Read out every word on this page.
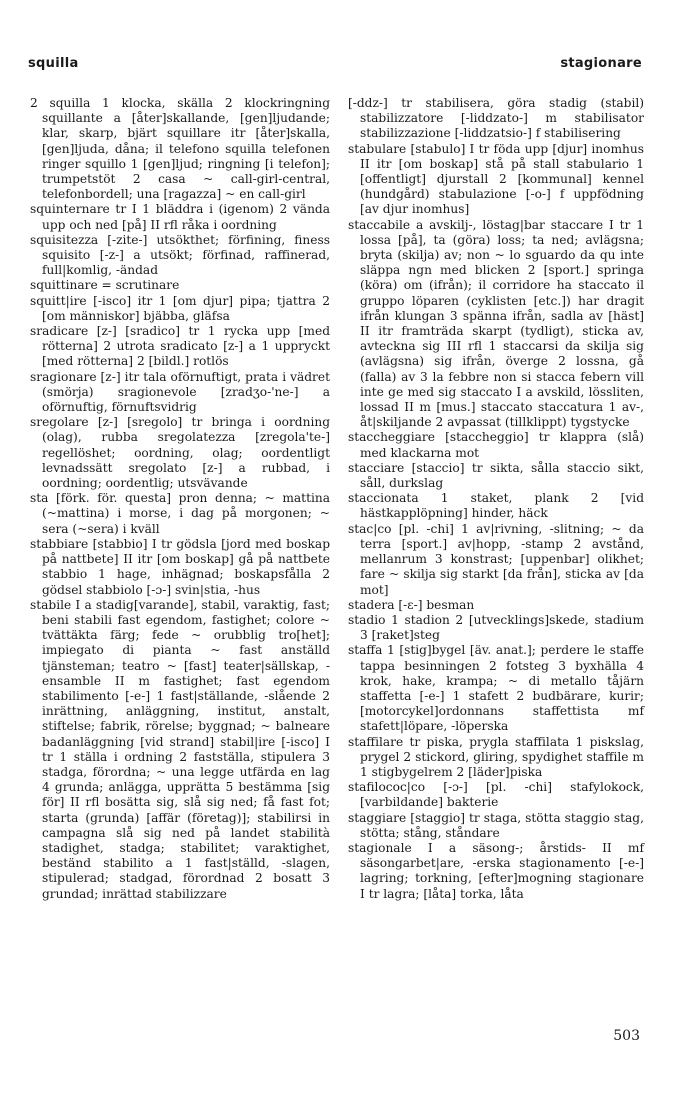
squilla	stagionare

2 squilla 1 klocka, skälla 2 klockringning squillante a [åter]skallande, [gen]ljudande; klar, skarp, bjärt squillare itr [åter]skalla, [gen]ljuda, dåna; il telefono squilla telefonen ringer squillo 1 [gen]ljud; ringning [i telefon]; trumpetstöt 2 casa ~ call-girl-central, telefonbordell; una [ragazza] ~ en call-girl

squinternare tr I 1 bläddra i (igenom) 2 vända upp och ned [på] II rfl råka i oordning

squisitezza [-zite-] utsökthet; förfining, finess squisito [-z-] a utsökt; förfinad, raffinerad, full|komlig, -ändad

squittinare = scrutinare

squitt|ire [-isco] itr 1 [om djur] pipa; tjattra 2 [om människor] bjäbba, gläfsa

sradicare [z-] [sradico] tr 1 rycka upp [med rötterna] 2 utrota sradicato [z-] a 1 uppryckt [med rötterna] 2 [bildl.] rotlös

sragionare [z-] itr tala oförnuftigt, prata i vädret (smörja) sragionevole [zradʒo-'ne-] a oförnuftig, förnuftsvidrig

sregolare [z-] [sregolo] tr bringa i oordning (olag), rubba sregolatezza [zregola'te-] regellöshet; oordning, olag; oordentligt levnadssätt sregolato [z-] a rubbad, i oordning; oordentlig; utsvävande

sta [förk. för. questa] pron denna; ~ mattina (~mattina) i morse, i dag på morgonen; ~ sera (~sera) i kväll

stabbiare [stabbio] I tr gödsla [jord med boskap på nattbete] II itr [om boskap] gå på nattbete stabbio 1 hage, inhägnad; boskapsfålla 2 gödsel stabbiolo [-ɔ-] svin|stia, -hus

stabile I a stadig[varande], stabil, varaktig, fast; beni stabili fast egendom, fastighet; colore ~ tvättäkta färg; fede ~ orubblig tro[het]; impiegato di pianta ~ fast anställd tjänsteman; teatro ~ [fast] teater|sällskap, -ensamble II m fastighet; fast egendom stabilimento [-e-] 1 fast|ställande, -slående 2 inrättning, anläggning, institut, anstalt, stiftelse; fabrik, rörelse; byggnad; ~ balneare badanläggning [vid strand] stabil|ire [-isco] I tr 1 ställa i ordning 2 fastställa, stipulera 3 stadga, förordna; ~ una legge utfärda en lag 4 grunda; anlägga, upprätta 5 bestämma [sig för] II rfl bosätta sig, slå sig ned; få fast fot; starta (grunda) [affär (företag)]; stabilirsi in campagna slå sig ned på landet stabilità stadighet, stadga; stabilitet; varaktighet, beständ stabilito a 1 fast|ställd, -slagen, stipulerad; stadgad, förordnad 2 bosatt 3 grundad; inrättad stabilizzare

[-ddz-] tr stabilisera, göra stadig (stabil) stabilizzatore [-liddzato-] m stabilisator stabilizzazione [-liddzatsio-] f stabilisering

stabulare [stabulo] I tr föda upp [djur] inomhus II itr [om boskap] stå på stall stabulario 1 [offentligt] djurstall 2 [kommunal] kennel (hundgård) stabulazione [-o-] f uppfödning [av djur inomhus]

staccabile a avskilj-, löstag|bar staccare I tr 1 lossa [på], ta (göra) loss; ta ned; avlägsna; bryta (skilja) av; non ~ lo sguardo da qu inte släppa ngn med blicken 2 [sport.] springa (köra) om (ifrån); il corridore ha staccato il gruppo löparen (cyklisten [etc.]) har dragit ifrån klungan 3 spänna ifrån, sadla av [häst] II itr framträda skarpt (tydligt), sticka av, avteckna sig III rfl 1 staccarsi da skilja sig (avlägsna) sig ifrån, överge 2 lossna, gå (falla) av 3 la febbre non si stacca febern vill inte ge med sig staccato I a avskild, lössliten, lossad II m [mus.] staccato staccatura 1 av-, åt|skiljande 2 avpassat (tillklippt) tygstycke

staccheggiare [staccheggio] tr klappra (slå) med klackarna mot

stacciare [staccio] tr sikta, sålla staccio sikt, såll, durkslag

staccionata 1 staket, plank 2 [vid hästkapplöpning] hinder, häck

stac|co [pl. -chi] 1 av|rivning, -slitning; ~ da terra [sport.] av|hopp, -stamp 2 avstånd, mellanrum 3 konstrast; [uppenbar] olikhet; fare ~ skilja sig starkt [da från], sticka av [da mot]

stadera [-ɛ-] besman

stadio 1 stadion 2 [utvecklings]skede, stadium 3 [raket]steg

staffa 1 [stig]bygel [äv. anat.]; perdere le staffe tappa besinningen 2 fotsteg 3 byxhälla 4 krok, hake, krampa; ~ di metallo tåjärn staffetta [-e-] 1 stafett 2 budbärare, kurir; [motorcykel]ordonnans staffettista mf stafett|löpare, -löperska

staffilare tr piska, prygla staffilata 1 piskslag, prygel 2 stickord, gliring, spydighet staffile m 1 stigbygelrem 2 [läder]piska

stafilococ|co [-ɔ-] [pl. -chi] stafylokock, [varbildande] bakterie

staggiare [staggio] tr staga, stötta staggio stag, stötta; stång, ståndare

stagionale I a säsong-; årstids- II mf säsongarbet|are, -erska stagionamento [-e-] lagring; torkning, [efter]mogning stagionare I tr lagra; [låta] torka, låta

503
